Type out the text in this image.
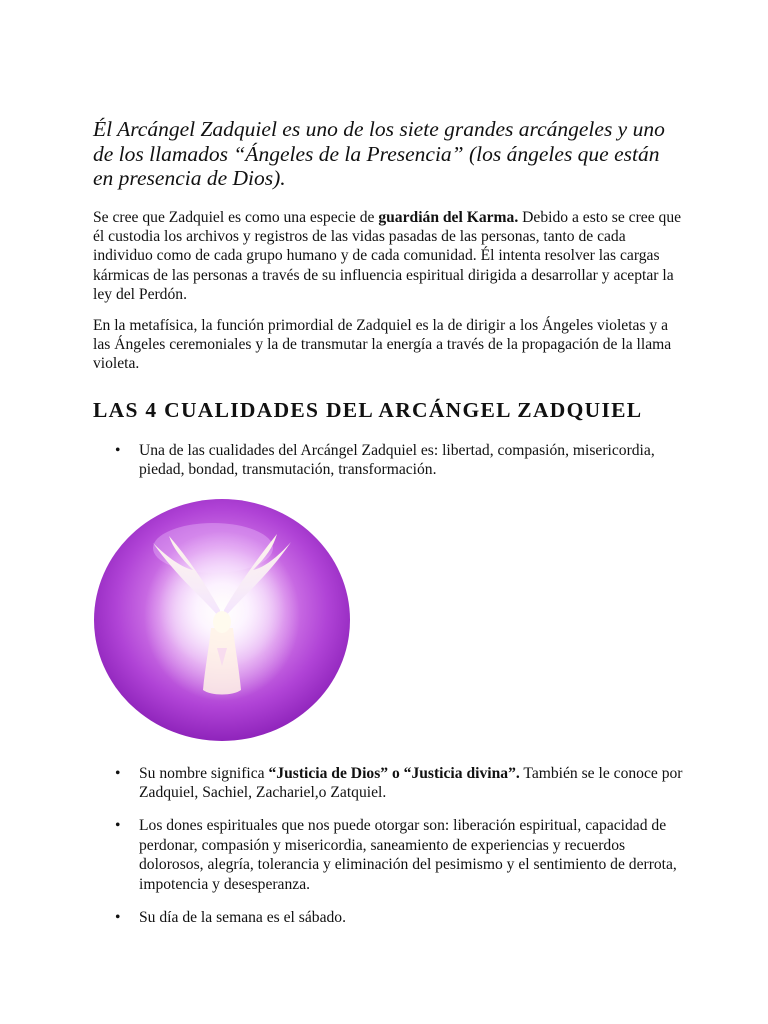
Él Arcángel Zadquiel es uno de los siete grandes arcángeles y uno de los llamados “Ángeles de la Presencia” (los ángeles que están en presencia de Dios).

Se cree que Zadquiel es como una especie de guardián del Karma. Debido a esto se cree que él custodia los archivos y registros de las vidas pasadas de las personas, tanto de cada individuo como de cada grupo humano y de cada comunidad. Él intenta resolver las cargas kármicas de las personas a través de su influencia espiritual dirigida a desarrollar y aceptar la ley del Perdón.

En la metafísica, la función primordial de Zadquiel es la de dirigir a los Ángeles violetas y a las Ángeles ceremoniales y la de transmutar la energía a través de la propagación de la llama violeta.

LAS 4 CUALIDADES DEL ARCÁNGEL ZADQUIEL
• Una de las cualidades del Arcángel Zadquiel es: libertad, compasión, misericordia, piedad, bondad, transmutación, transformación.
• Su nombre significa “Justicia de Dios” o “Justicia divina”. También se le conoce por Zadquiel, Sachiel, Zachariel,o Zatquiel.
• Los dones espirituales que nos puede otorgar son: liberación espiritual, capacidad de perdonar, compasión y misericordia, saneamiento de experiencias y recuerdos dolorosos, alegría, tolerancia y eliminación del pesimismo y el sentimiento de derrota, impotencia y desesperanza.
• Su día de la semana es el sábado.
